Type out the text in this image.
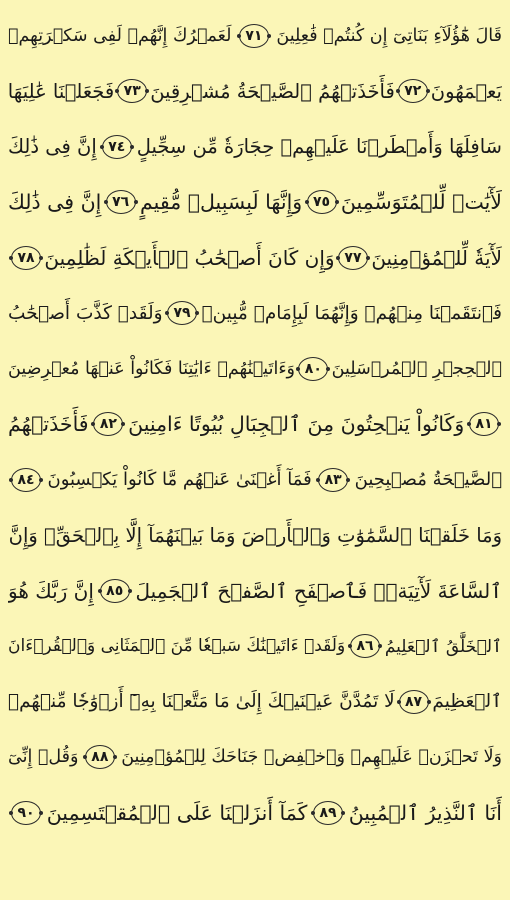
قَالَ هَٰٓؤُلَآءِ بَنَاتِىٓ إِن كُنتُمۡ فَٰعِلِينَ
٧١
لَعَمۡرُكَ إِنَّهُمۡ لَفِى سَكۡرَتِهِمۡ
يَعۡمَهُونَ
٧٢
فَأَخَذَتۡهُمُ ٱلصَّيۡحَةُ مُشۡرِقِينَ
٧٣
فَجَعَلۡنَا عَٰلِيَهَا
سَافِلَهَا وَأَمۡطَرۡنَا عَلَيۡهِمۡ حِجَارَةٗ مِّن سِجِّيلٍ
٧٤
إِنَّ فِى ذَٰلِكَ
لَأٓيَٰتٖ لِّلۡمُتَوَسِّمِينَ
٧٥
وَإِنَّهَا لَبِسَبِيلٖ مُّقِيمٍ
٧٦
إِنَّ فِى ذَٰلِكَ
لَأٓيَةٗ لِّلۡمُؤۡمِنِينَ
٧٧
وَإِن كَانَ أَصۡحَٰبُ ٱلۡأَيۡكَةِ لَظَٰلِمِينَ
٧٨
فَٱنتَقَمۡنَا مِنۡهُمۡ وَإِنَّهُمَا لَبِإِمَامٖ مُّبِينٖ
٧٩
وَلَقَدۡ كَذَّبَ أَصۡحَٰبُ
ٱلۡحِجۡرِ ٱلۡمُرۡسَلِينَ
٨٠
وَءَاتَيۡنَٰهُمۡ ءَايَٰتِنَا فَكَانُواْ عَنۡهَا مُعۡرِضِينَ
٨١
وَكَانُواْ يَنۡحِتُونَ مِنَ ٱلۡجِبَالِ بُيُوتًا ءَامِنِينَ
٨٢
فَأَخَذَتۡهُمُ
ٱلصَّيۡحَةُ مُصۡبِحِينَ
٨٣
فَمَآ أَغۡنَىٰ عَنۡهُم مَّا كَانُواْ يَكۡسِبُونَ
٨٤
وَمَا خَلَقۡنَا ٱلسَّمَٰوَٰتِ وَٱلۡأَرۡضَ وَمَا بَيۡنَهُمَآ إِلَّا بِٱلۡحَقِّۗ وَإِنَّ
ٱلسَّاعَةَ لَأٓتِيَةٞۖ فَٱصۡفَحِ ٱلصَّفۡحَ ٱلۡجَمِيلَ
٨٥
إِنَّ رَبَّكَ هُوَ
ٱلۡخَلَّٰقُ ٱلۡعَلِيمُ
٨٦
وَلَقَدۡ ءَاتَيۡنَٰكَ سَبۡعٗا مِّنَ ٱلۡمَثَانِى وَٱلۡقُرۡءَانَ
ٱلۡعَظِيمَ
٨٧
لَا تَمُدَّنَّ عَيۡنَيۡكَ إِلَىٰ مَا مَتَّعۡنَا بِهِۦٓ أَزۡوَٰجٗا مِّنۡهُمۡ
وَلَا تَحۡزَنۡ عَلَيۡهِمۡ وَٱخۡفِضۡ جَنَاحَكَ لِلۡمُؤۡمِنِينَ
٨٨
وَقُلۡ إِنِّىٓ
أَنَا ٱلنَّذِيرُ ٱلۡمُبِينُ
٨٩
كَمَآ أَنزَلۡنَا عَلَى ٱلۡمُقۡتَسِمِينَ
٩٠
